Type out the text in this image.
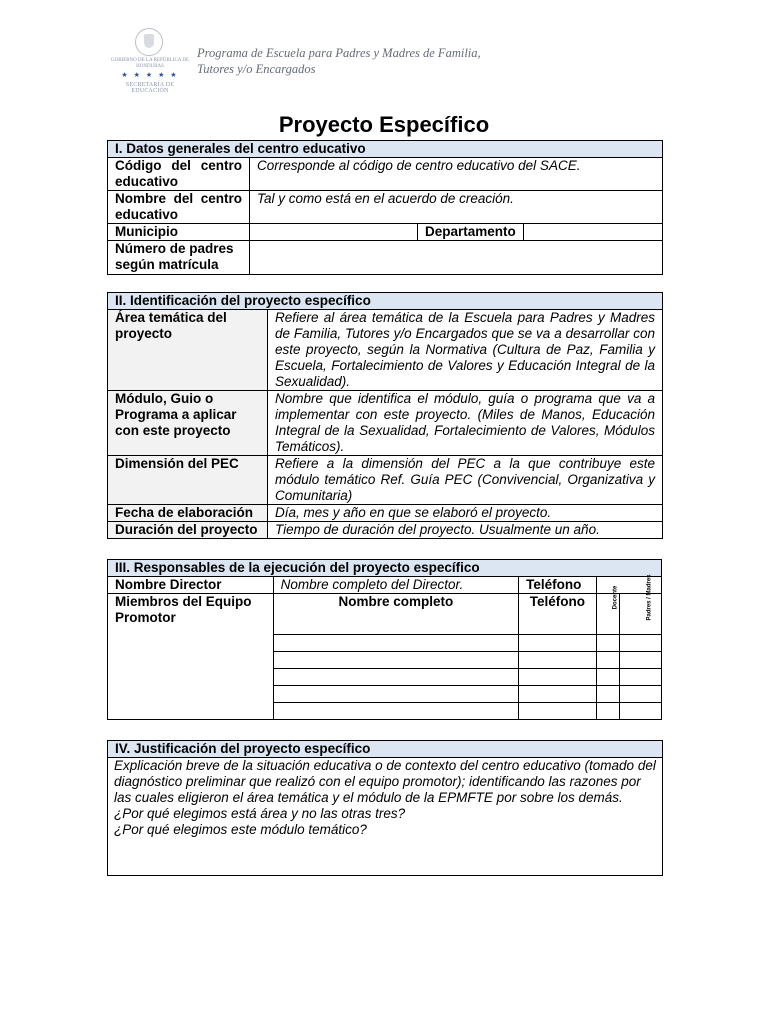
GOBIERNO DE LA REPÚBLICA DE HONDURAS
★ ★ ★ ★ ★
SECRETARÍA DE EDUCACIÓN
Programa de Escuela para Padres y Madres de Familia,
Tutores y/o Encargados
Proyecto Específico
I. Datos generales del centro educativo			
Código del centro educativo	Corresponde al código de centro educativo del SACE.		
Nombre del centro educativo	Tal y como está en el acuerdo de creación.		
Municipio		Departamento	
Número de padres según matrícula			
II. Identificación del proyecto específico	
Área temática del proyecto	Refiere al área temática de la Escuela para Padres y Madres de Familia, Tutores y/o Encargados que se va a desarrollar con este proyecto, según la Normativa (Cultura de Paz, Familia y Escuela, Fortalecimiento de Valores y Educación Integral de la Sexualidad).
Módulo, Guio o Programa a aplicar con este proyecto	Nombre que identifica el módulo, guía o programa que va a implementar con este proyecto. (Miles de Manos, Educación Integral de la Sexualidad, Fortalecimiento de Valores, Módulos Temáticos).
Dimensión del PEC	Refiere a la dimensión del PEC a la que contribuye este módulo temático Ref. Guía PEC (Convivencial, Organizativa y Comunitaria)
Fecha de elaboración	Día, mes y año en que se elaboró el proyecto.
Duración del proyecto	Tiempo de duración del proyecto. Usualmente un año.
III. Responsables de la ejecución del proyecto específico				
Nombre Director	Nombre completo del Director.	Teléfono		
Miembros del Equipo Promotor	Nombre completo	Teléfono	Docente	Padres / Madres

IV. Justificación del proyecto específico

Explicación breve de la situación educativa o de contexto del centro educativo (tomado del diagnóstico preliminar que realizó con el equipo promotor); identificando las razones por las cuales eligieron el área temática y el módulo de la EPMFTE por sobre los demás.
¿Por qué elegimos está área y no las otras tres?
¿Por qué elegimos este módulo temático?
